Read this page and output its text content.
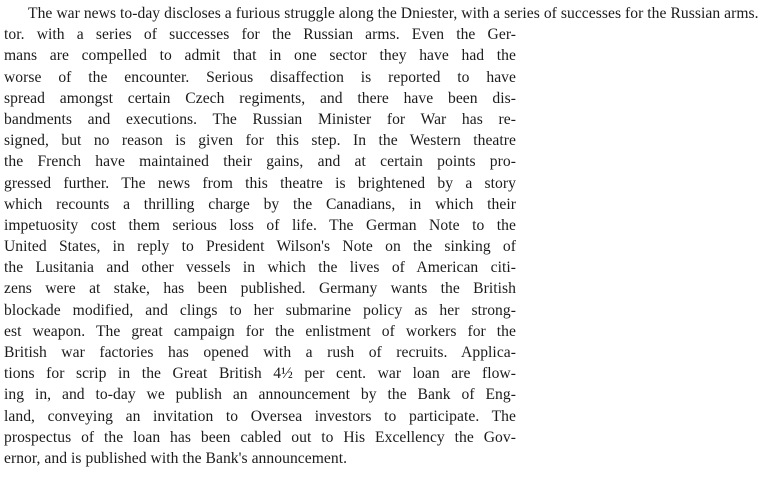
The war news to-day discloses a furious struggle along the Dniester, with a series of successes for the Russian arms.
tor. with a series of successes for the Russian arms. Even the Ger-
mans are compelled to admit that in one sector they have had the
worse of the encounter. Serious disaffection is reported to have
spread amongst certain Czech regiments, and there have been dis-
bandments and executions. The Russian Minister for War has re-
signed, but no reason is given for this step. In the Western theatre
the French have maintained their gains, and at certain points pro-
gressed further. The news from this theatre is brightened by a story
which recounts a thrilling charge by the Canadians, in which their
impetuosity cost them serious loss of life. The German Note to the
United States, in reply to President Wilson's Note on the sinking of
the Lusitania and other vessels in which the lives of American citi-
zens were at stake, has been published. Germany wants the British
blockade modified, and clings to her submarine policy as her strong-
est weapon. The great campaign for the enlistment of workers for the
British war factories has opened with a rush of recruits. Applica-
tions for scrip in the Great British 4½ per cent. war loan are flow-
ing in, and to-day we publish an announcement by the Bank of Eng-
land, conveying an invitation to Oversea investors to participate. The
prospectus of the loan has been cabled out to His Excellency the Gov-
ernor, and is published with the Bank's announcement.
